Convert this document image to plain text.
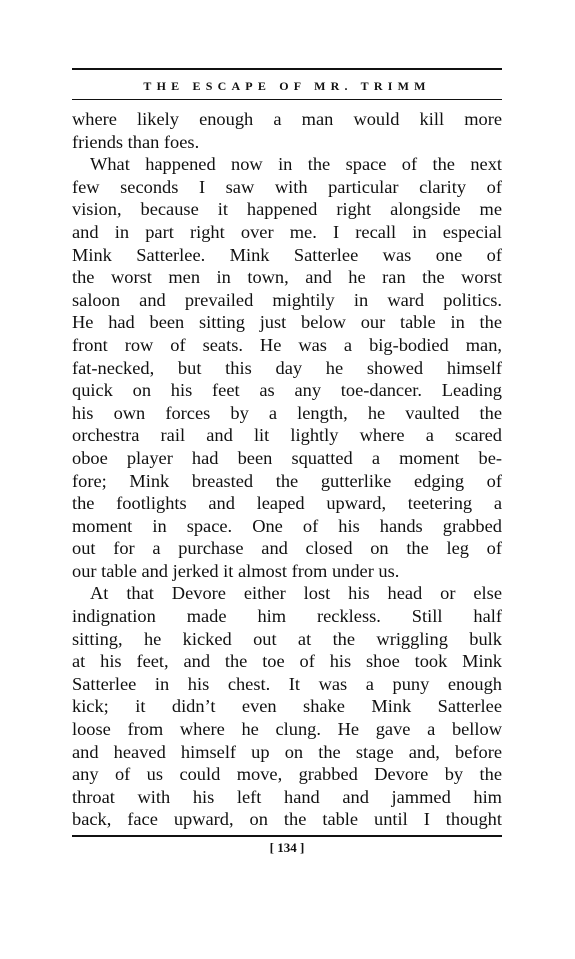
THE ESCAPE OF MR. TRIMM
where likely enough a man would kill more
friends than foes.
What happened now in the space of the next
few seconds I saw with particular clarity of
vision, because it happened right alongside me
and in part right over me. I recall in especial
Mink Satterlee. Mink Satterlee was one of
the worst men in town, and he ran the worst
saloon and prevailed mightily in ward politics.
He had been sitting just below our table in the
front row of seats. He was a big-bodied man,
fat-necked, but this day he showed himself
quick on his feet as any toe-dancer. Leading
his own forces by a length, he vaulted the
orchestra rail and lit lightly where a scared
oboe player had been squatted a moment be-
fore; Mink breasted the gutterlike edging of
the footlights and leaped upward, teetering a
moment in space. One of his hands grabbed
out for a purchase and closed on the leg of
our table and jerked it almost from under us.
At that Devore either lost his head or else
indignation made him reckless. Still half
sitting, he kicked out at the wriggling bulk
at his feet, and the toe of his shoe took Mink
Satterlee in his chest. It was a puny enough
kick; it didn’t even shake Mink Satterlee
loose from where he clung. He gave a bellow
and heaved himself up on the stage and, before
any of us could move, grabbed Devore by the
throat with his left hand and jammed him
back, face upward, on the table until I thought
[ 134 ]
